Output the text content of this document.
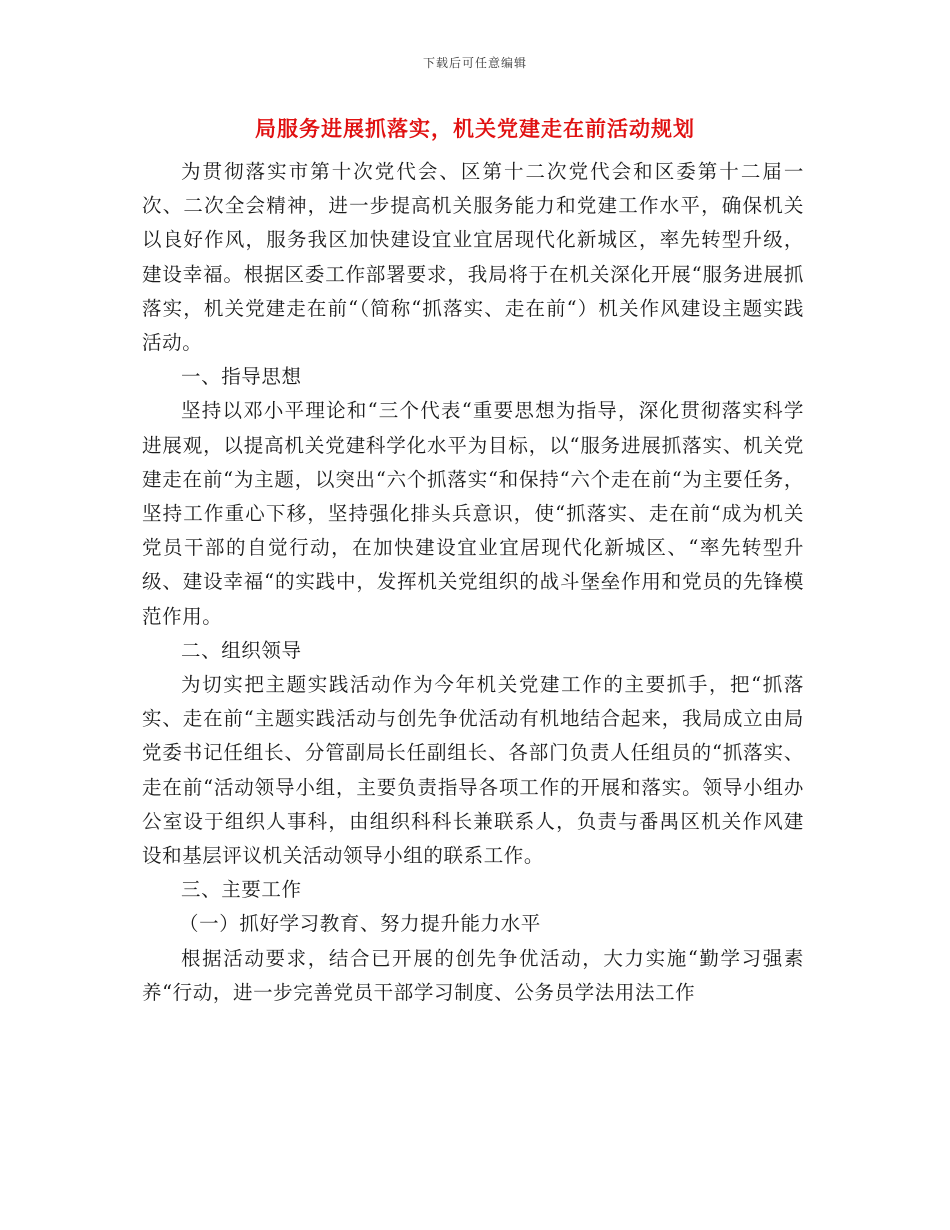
下载后可任意编辑
局服务进展抓落实，机关党建走在前活动规划

为贯彻落实市第十次党代会、区第十二次党代会和区委第十二届一次、二次全会精神，进一步提高机关服务能力和党建工作水平，确保机关以良好作风，服务我区加快建设宜业宜居现代化新城区，率先转型升级，建设幸福。根据区委工作部署要求，我局将于在机关深化开展“服务进展抓落实，机关党建走在前“（简称“抓落实、走在前“）机关作风建设主题实践活动。

一、指导思想

坚持以邓小平理论和“三个代表“重要思想为指导，深化贯彻落实科学进展观，以提高机关党建科学化水平为目标，以“服务进展抓落实、机关党建走在前“为主题，以突出“六个抓落实“和保持“六个走在前“为主要任务，坚持工作重心下移，坚持强化排头兵意识，使“抓落实、走在前“成为机关党员干部的自觉行动，在加快建设宜业宜居现代化新城区、“率先转型升级、建设幸福“的实践中，发挥机关党组织的战斗堡垒作用和党员的先锋模范作用。

二、组织领导

为切实把主题实践活动作为今年机关党建工作的主要抓手，把“抓落实、走在前“主题实践活动与创先争优活动有机地结合起来，我局成立由局党委书记任组长、分管副局长任副组长、各部门负责人任组员的“抓落实、走在前“活动领导小组，主要负责指导各项工作的开展和落实。领导小组办公室设于组织人事科，由组织科科长兼联系人，负责与番禺区机关作风建设和基层评议机关活动领导小组的联系工作。

三、主要工作

（一）抓好学习教育、努力提升能力水平

根据活动要求，结合已开展的创先争优活动，大力实施“勤学习强素养“行动，进一步完善党员干部学习制度、公务员学法用法工作
